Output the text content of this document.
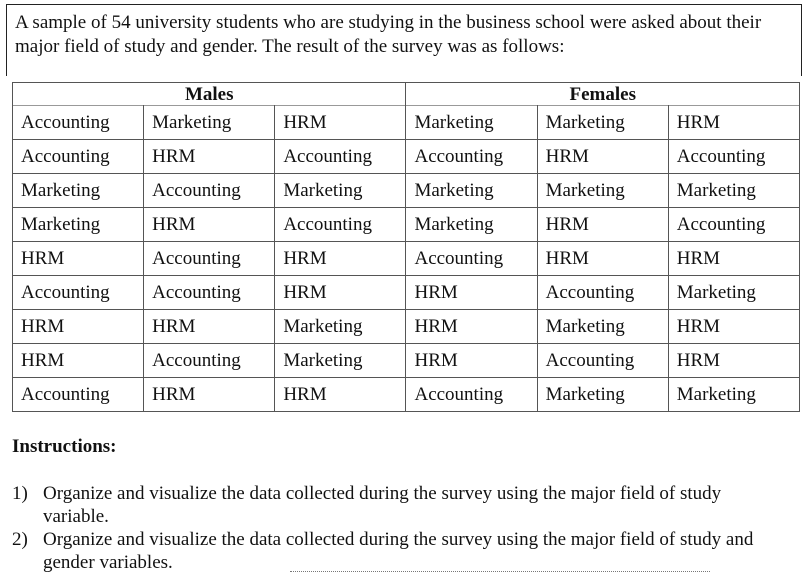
A sample of 54 university students who are studying in the business school were asked about their
major field of study and gender. The result of the survey was as follows:
Males			Females		
Accounting	Marketing	HRM	Marketing	Marketing	HRM
Accounting	HRM	Accounting	Accounting	HRM	Accounting
Marketing	Accounting	Marketing	Marketing	Marketing	Marketing
Marketing	HRM	Accounting	Marketing	HRM	Accounting
HRM	Accounting	HRM	Accounting	HRM	HRM
Accounting	Accounting	HRM	HRM	Accounting	Marketing
HRM	HRM	Marketing	HRM	Marketing	HRM
HRM	Accounting	Marketing	HRM	Accounting	HRM
Accounting	HRM	HRM	Accounting	Marketing	Marketing
Instructions:
1) Organize and visualize the data collected during the survey using the major field of study
variable.
2) Organize and visualize the data collected during the survey using the major field of study and
gender variables.
